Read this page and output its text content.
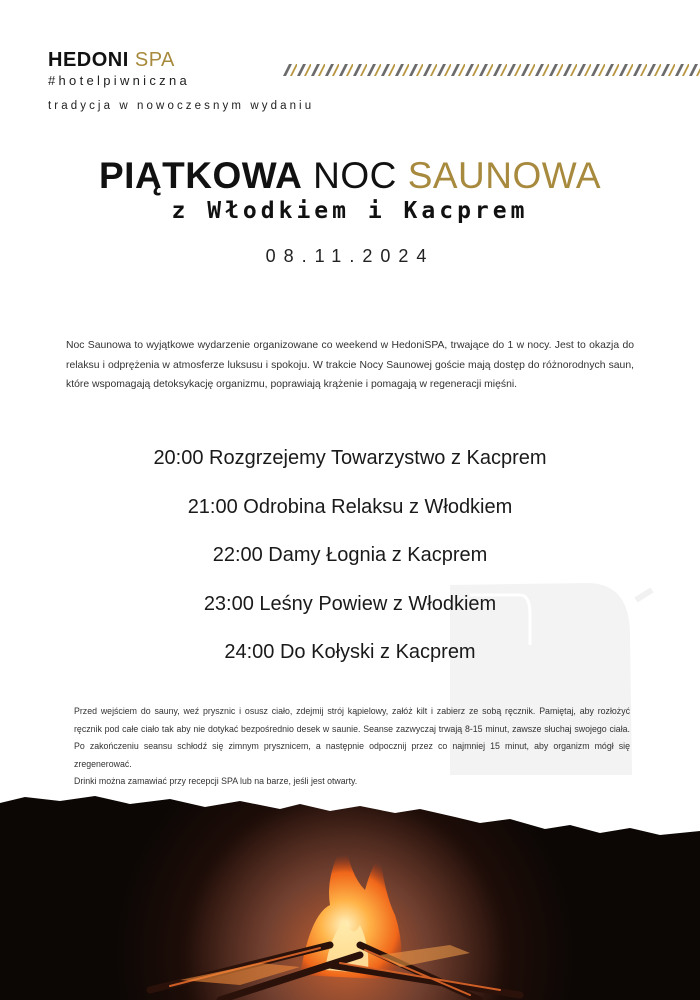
HEDONI SPA
#hotelpiwniczna
tradycja w nowoczesnym wydaniu
PIĄTKOWA NOC SAUNOWA
z Włodkiem i Kacprem
08.11.2024
Noc Saunowa to wyjątkowe wydarzenie organizowane co weekend w HedoniSPA, trwające do 1 w nocy. Jest to okazja do relaksu i odprężenia w atmosferze luksusu i spokoju. W trakcie Nocy Saunowej goście mają dostęp do różnorodnych saun, które wspomagają detoksykację organizmu, poprawiają krążenie i pomagają w regeneracji mięśni.
20:00 Rozgrzejemy Towarzystwo z Kacprem
21:00 Odrobina Relaksu z Włodkiem
22:00 Damy Łognia z Kacprem
23:00 Leśny Powiew z Włodkiem
24:00 Do Kołyski z Kacprem

Przed wejściem do sauny, weź prysznic i osusz ciało, zdejmij strój kąpielowy, załóż kilt i zabierz ze sobą ręcznik. Pamiętaj, aby rozłożyć ręcznik pod całe ciało tak aby nie dotykać bezpośrednio desek w saunie. Seanse zazwyczaj trwają 8-15 minut, zawsze słuchaj swojego ciała. Po zakończeniu seansu schłodź się zimnym prysznicem, a następnie odpocznij przez co najmniej 15 minut, aby organizm mógł się zregenerować.

Drinki można zamawiać przy recepcji SPA lub na barze, jeśli jest otwarty.
